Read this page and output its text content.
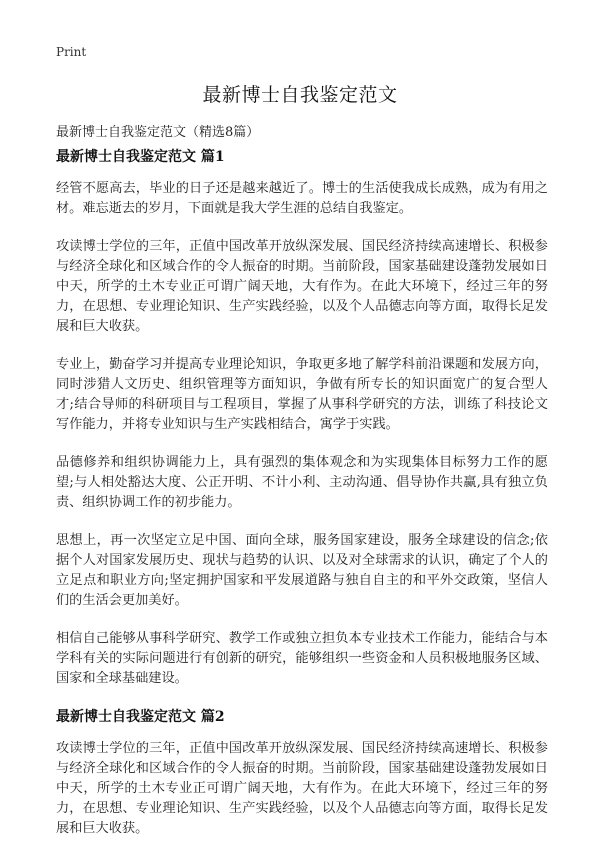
Print
最新博士自我鉴定范文
最新博士自我鉴定范文（精选8篇）
最新博士自我鉴定范文 篇1

经管不愿高去，毕业的日子还是越来越近了。博士的生活使我成长成熟，成为有用之材。难忘逝去的岁月，下面就是我大学生涯的总结自我鉴定。

攻读博士学位的三年，正值中国改革开放纵深发展、国民经济持续高速增长、积极参与经济全球化和区域合作的令人振奋的时期。当前阶段，国家基础建设蓬勃发展如日中天，所学的土木专业正可谓广阔天地，大有作为。在此大环境下，经过三年的努力，在思想、专业理论知识、生产实践经验，以及个人品德志向等方面，取得长足发展和巨大收获。

专业上，勤奋学习并提高专业理论知识，争取更多地了解学科前沿课题和发展方向，同时涉猎人文历史、组织管理等方面知识，争做有所专长的知识面宽广的复合型人才;结合导师的科研项目与工程项目，掌握了从事科学研究的方法，训练了科技论文写作能力，并将专业知识与生产实践相结合，寓学于实践。

品德修养和组织协调能力上，具有强烈的集体观念和为实现集体目标努力工作的愿望;与人相处豁达大度、公正开明、不计小利、主动沟通、倡导协作共赢,具有独立负责、组织协调工作的初步能力。

思想上，再一次坚定立足中国、面向全球，服务国家建设，服务全球建设的信念;依据个人对国家发展历史、现状与趋势的认识、以及对全球需求的认识，确定了个人的立足点和职业方向;坚定拥护国家和平发展道路与独自自主的和平外交政策，坚信人们的生活会更加美好。

相信自己能够从事科学研究、教学工作或独立担负本专业技术工作能力，能结合与本学科有关的实际问题进行有创新的研究，能够组织一些资金和人员积极地服务区域、国家和全球基础建设。

最新博士自我鉴定范文 篇2

攻读博士学位的三年，正值中国改革开放纵深发展、国民经济持续高速增长、积极参与经济全球化和区域合作的令人振奋的时期。当前阶段，国家基础建设蓬勃发展如日中天，所学的土木专业正可谓广阔天地，大有作为。在此大环境下，经过三年的努力，在思想、专业理论知识、生产实践经验，以及个人品德志向等方面，取得长足发展和巨大收获。
